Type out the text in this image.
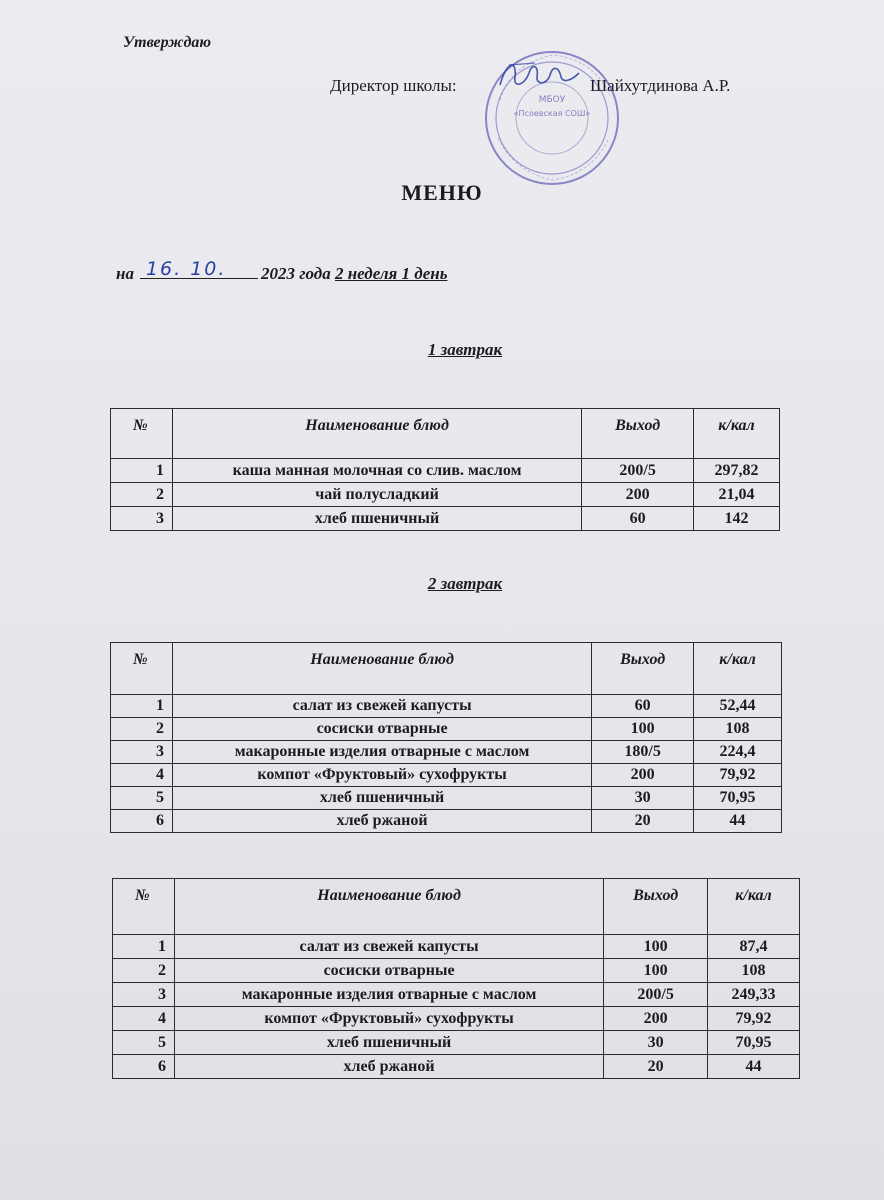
Утверждаю
МБОУ
«Псоевская СОШ»
Директор школы:	Шайхутдинова А.Р.
МЕНЮ
на 16. 10. 2023 года 2 неделя 1 день
1 завтрак
№	Наименование блюд	Выход	к/кал
1	каша манная молочная со слив. маслом	200/5	297,82
2	чай полусладкий	200	21,04
3	хлеб пшеничный	60	142
2 завтрак
№	Наименование блюд	Выход	к/кал
1	салат из свежей капусты	60	52,44
2	сосиски отварные	100	108
3	макаронные изделия отварные с маслом	180/5	224,4
4	компот «Фруктовый» сухофрукты	200	79,92
5	хлеб пшеничный	30	70,95
6	хлеб ржаной	20	44
№	Наименование блюд	Выход	к/кал
1	салат из свежей капусты	100	87,4
2	сосиски отварные	100	108
3	макаронные изделия отварные с маслом	200/5	249,33
4	компот «Фруктовый» сухофрукты	200	79,92
5	хлеб пшеничный	30	70,95
6	хлеб ржаной	20	44
